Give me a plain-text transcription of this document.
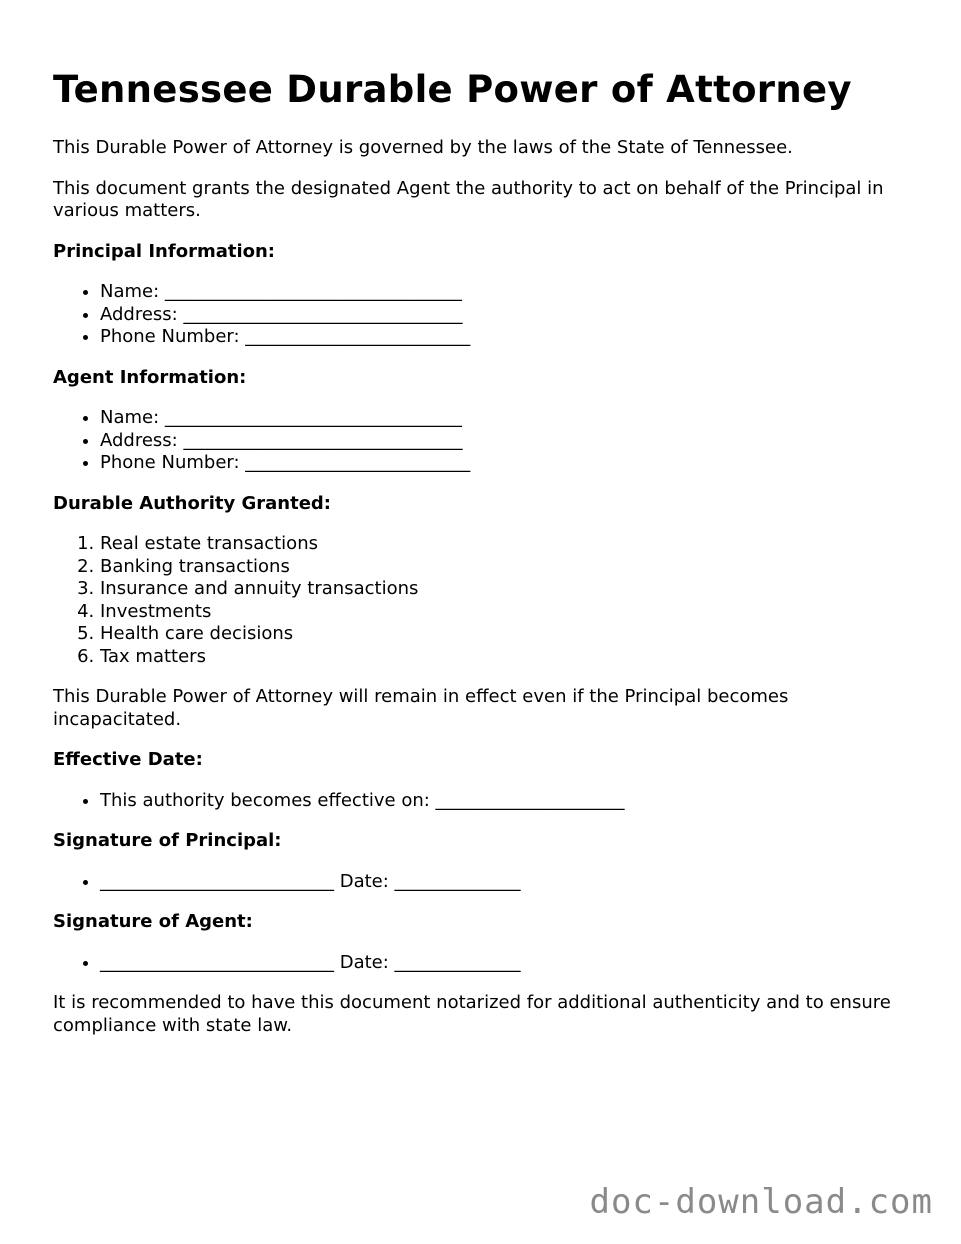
Tennessee Durable Power of Attorney

This Durable Power of Attorney is governed by the laws of the State of Tennessee.

This document grants the designated Agent the authority to act on behalf of the Principal in various matters.

Principal Information:
• Name: _________________________________
• Address: _______________________________
• Phone Number: _________________________
Agent Information:
• Name: _________________________________
• Address: _______________________________
• Phone Number: _________________________
Durable Authority Granted:
1. Real estate transactions
2. Banking transactions
3. Insurance and annuity transactions
4. Investments
5. Health care decisions
6. Tax matters

This Durable Power of Attorney will remain in effect even if the Principal becomes incapacitated.

Effective Date:
• This authority becomes effective on: _____________________
Signature of Principal:
• __________________________ Date: ______________
Signature of Agent:
• __________________________ Date: ______________

It is recommended to have this document notarized for additional authenticity and to ensure compliance with state law.

doc-download.com
